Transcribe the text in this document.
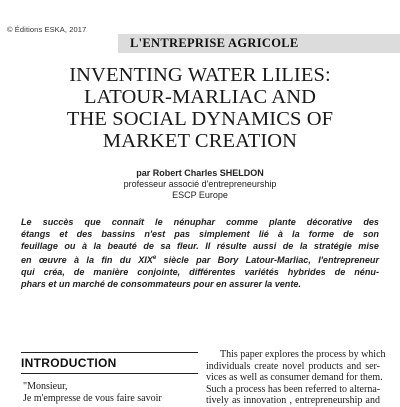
© Éditions ESKA, 2017
L'ENTREPRISE AGRICOLE
INVENTING WATER LILIES:
LATOUR-MARLIAC AND
THE SOCIAL DYNAMICS OF
MARKET CREATION
par Robert Charles SHELDON
professeur associé d'entrepreneurship
ESCP Europe
Le succès que connaît le nénuphar comme plante décorative des
étangs et des bassins n'est pas simplement lié à la forme de son
feuillage ou à la beauté de sa fleur. Il résulte aussi de la stratégie mise
en œuvre à la fin du XIXe siècle par Bory Latour-Marliac, l'entrepreneur
qui créa, de manière conjointe, différentes variétés hybrides de nénu-
phars et un marché de consommateurs pour en assurer la vente.
INTRODUCTION
"Monsieur,
Je m'empresse de vous faire savoir
This paper explores the process by which
individuals create novel products and ser-
vices as well as consumer demand for them.
Such a process has been referred to alterna-
tively as innovation , entrepreneurship and
